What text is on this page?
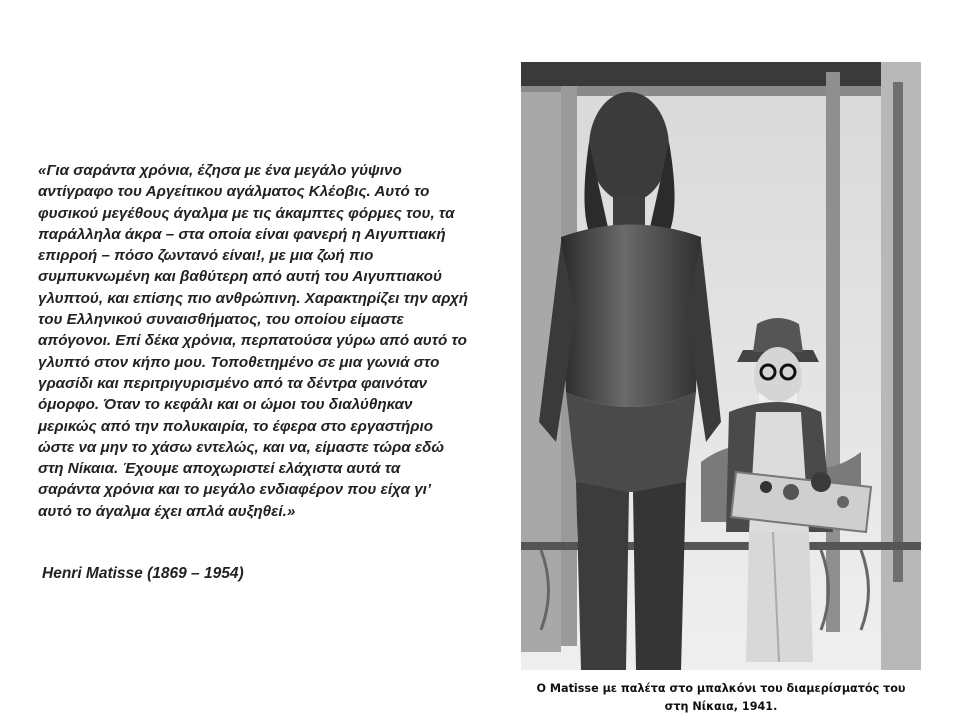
«Για σαράντα χρόνια, έζησα με ένα μεγάλο γύψινο
αντίγραφο του Αργείτικου αγάλματος Κλέοβις. Αυτό το
φυσικού μεγέθους άγαλμα με τις άκαμπτες φόρμες του, τα
παράλληλα άκρα – στα οποία είναι φανερή η Αιγυπτιακή
επιρροή – πόσο ζωντανό είναι!, με μια ζωή πιο
συμπυκνωμένη και βαθύτερη από αυτή του Αιγυπτιακού
γλυπτού, και επίσης πιο ανθρώπινη. Χαρακτηρίζει την αρχή
του Ελληνικού συναισθήματος, του οποίου είμαστε
απόγονοι. Επί δέκα χρόνια, περπατούσα γύρω από αυτό το
γλυπτό στον κήπο μου. Τοποθετημένο σε μια γωνιά στο
γρασίδι και περιτριγυρισμένο από τα δέντρα φαινόταν
όμορφο. Όταν το κεφάλι και οι ώμοι του διαλύθηκαν
μερικώς από την πολυκαιρία, το έφερα στο εργαστήριο
ώστε να μην το χάσω εντελώς, και να, είμαστε τώρα εδώ
στη Νίκαια. Έχουμε αποχωριστεί ελάχιστα αυτά τα
σαράντα χρόνια και το μεγάλο ενδιαφέρον που είχα γι’
αυτό το άγαλμα έχει απλά αυξηθεί.»
Henri Matisse (1869 – 1954)
O Matisse με παλέτα στο μπαλκόνι του διαμερίσματός του
στη Νίκαια, 1941.
